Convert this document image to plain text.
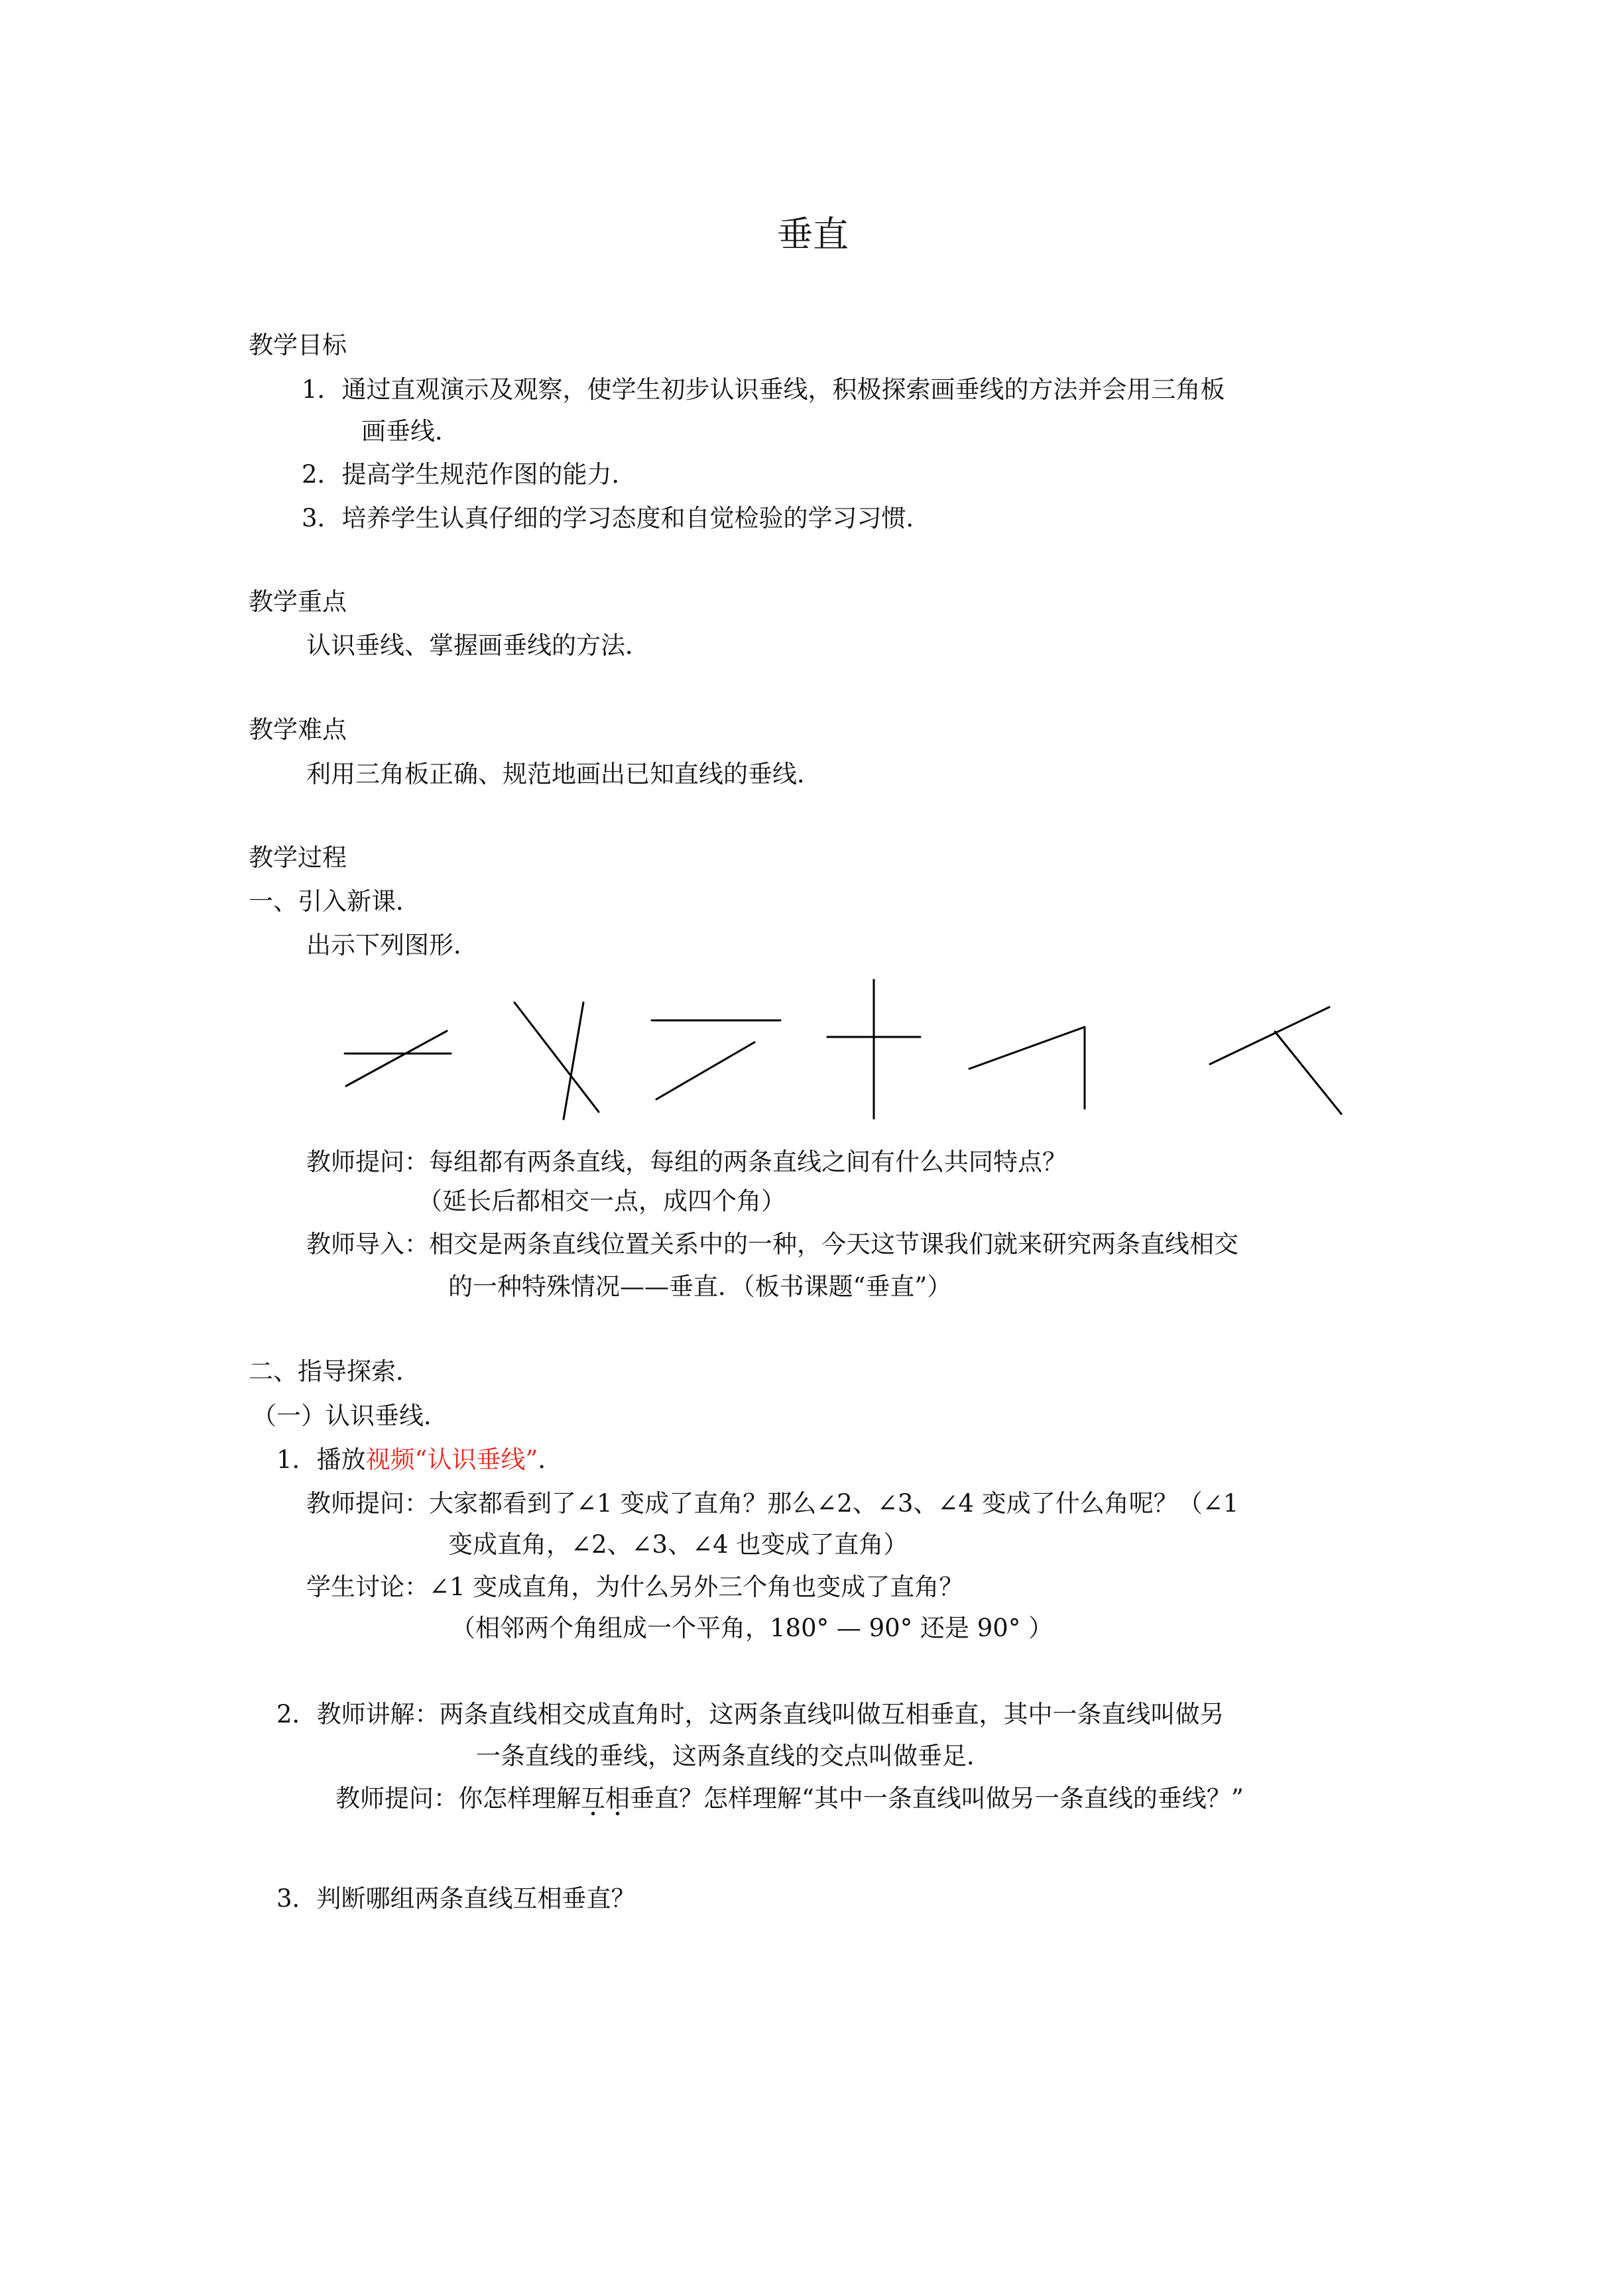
垂直
教学目标
1．通过直观演示及观察，使学生初步认识垂线，积极探索画垂线的方法并会用三角板
画垂线．
2．提高学生规范作图的能力．
3．培养学生认真仔细的学习态度和自觉检验的学习习惯．
教学重点
认识垂线、掌握画垂线的方法．
教学难点
利用三角板正确、规范地画出已知直线的垂线．
教学过程
一、引入新课．
出示下列图形．
教师提问：每组都有两条直线，每组的两条直线之间有什么共同特点？
（延长后都相交一点，成四个角）
教师导入：相交是两条直线位置关系中的一种，今天这节课我们就来研究两条直线相交
的一种特殊情况——垂直．（板书课题“垂直”）
二、指导探索．
（一）认识垂线．
1．播放视频“认识垂线”．
教师提问：大家都看到了∠1 变成了直角？那么∠2、∠3、∠4 变成了什么角呢？（∠1
变成直角，∠2、∠3、∠4 也变成了直角）
学生讨论：∠1 变成直角，为什么另外三个角也变成了直角？
（相邻两个角组成一个平角，180° — 90° 还是 90° ）
2．教师讲解：两条直线相交成直角时，这两条直线叫做互相垂直，其中一条直线叫做另
一条直线的垂线，这两条直线的交点叫做垂足．
教师提问：你怎样理解互相垂直？怎样理解“其中一条直线叫做另一条直线的垂线？”
3．判断哪组两条直线互相垂直？
